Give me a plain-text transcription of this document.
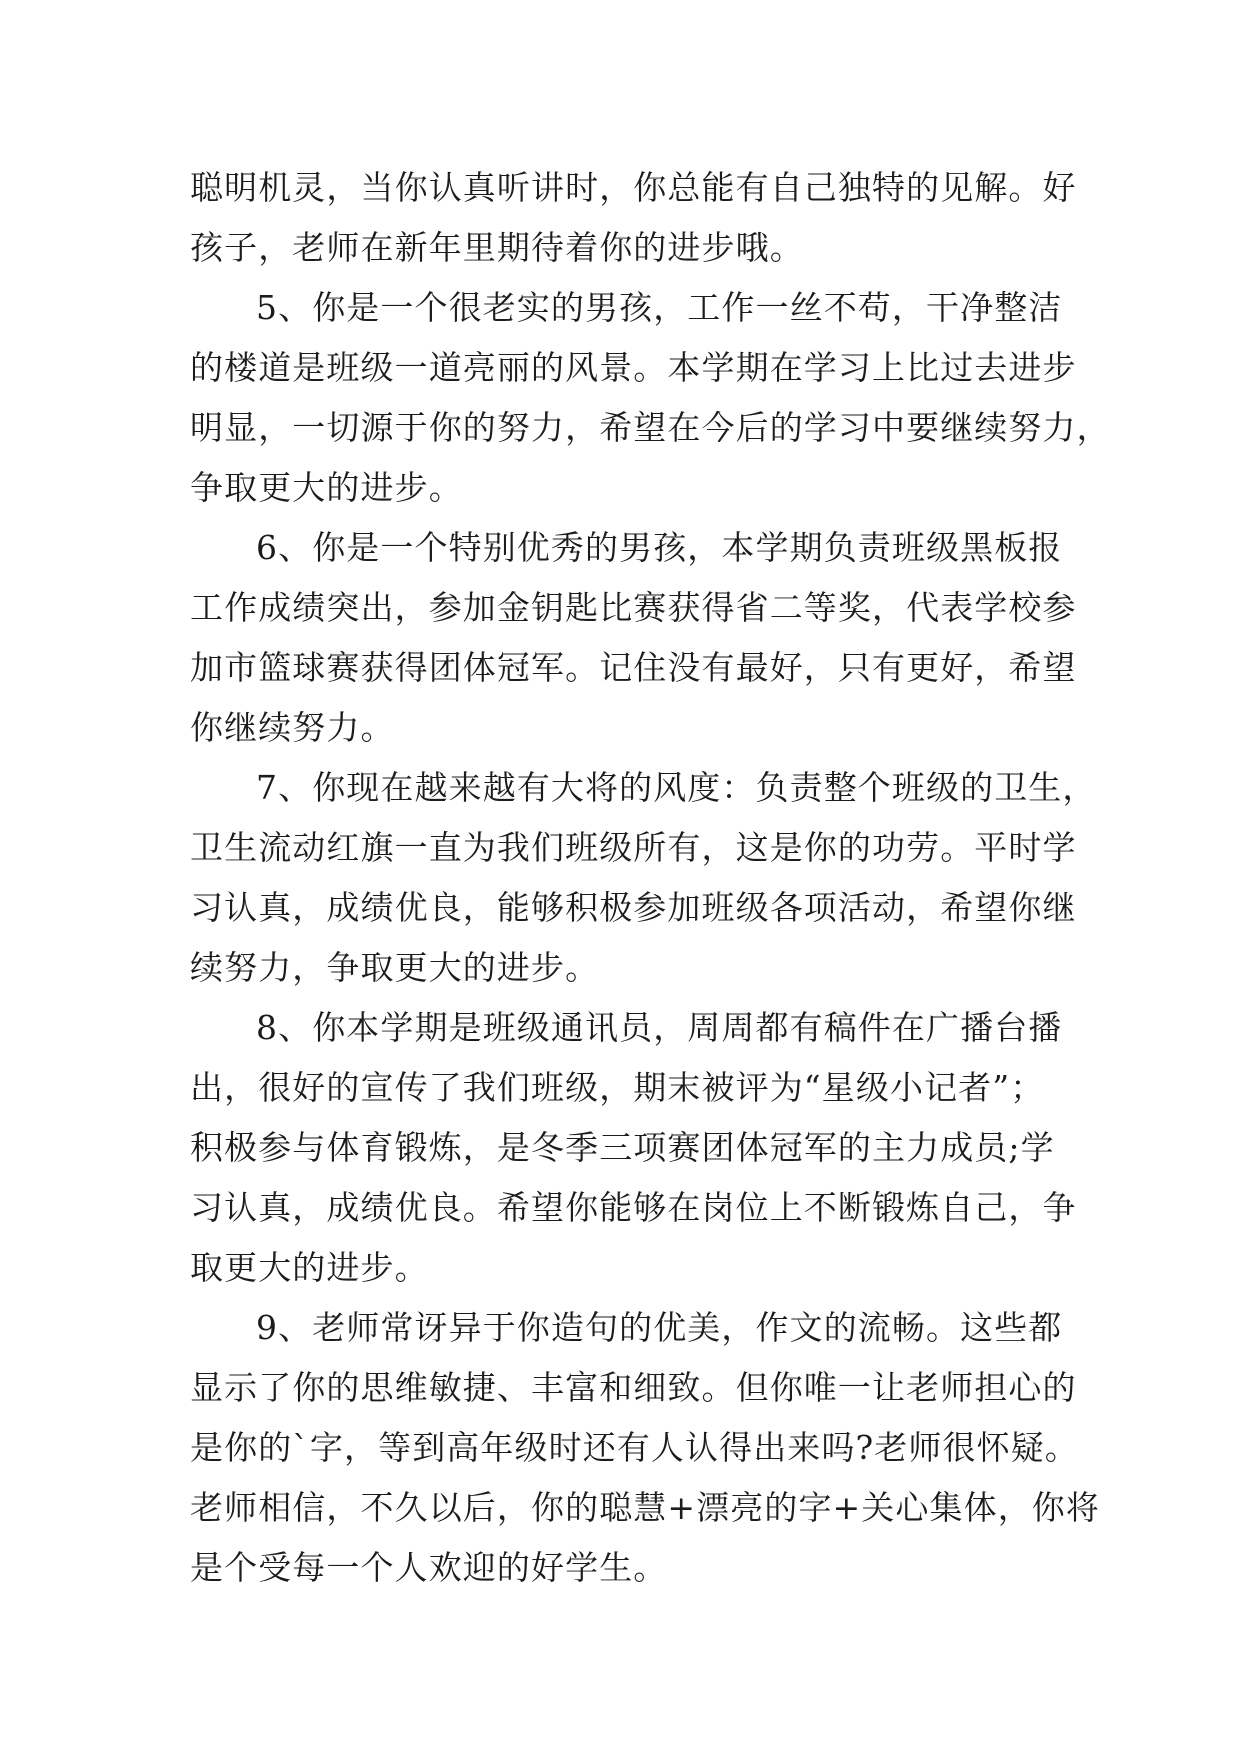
聪明机灵，当你认真听讲时，你总能有自己独特的见解。好
孩子，老师在新年里期待着你的进步哦。

5、你是一个很老实的男孩，工作一丝不苟，干净整洁
的楼道是班级一道亮丽的风景。本学期在学习上比过去进步
明显，一切源于你的努力，希望在今后的学习中要继续努力，
争取更大的进步。

6、你是一个特别优秀的男孩，本学期负责班级黑板报
工作成绩突出，参加金钥匙比赛获得省二等奖，代表学校参
加市篮球赛获得团体冠军。记住没有最好，只有更好，希望
你继续努力。

7、你现在越来越有大将的风度：负责整个班级的卫生，
卫生流动红旗一直为我们班级所有，这是你的功劳。平时学
习认真，成绩优良，能够积极参加班级各项活动，希望你继
续努力，争取更大的进步。

8、你本学期是班级通讯员，周周都有稿件在广播台播
出，很好的宣传了我们班级，期末被评为“星级小记者”；
积极参与体育锻炼，是冬季三项赛团体冠军的主力成员;学
习认真，成绩优良。希望你能够在岗位上不断锻炼自己，争
取更大的进步。

9、老师常讶异于你造句的优美，作文的流畅。这些都
显示了你的思维敏捷、丰富和细致。但你唯一让老师担心的
是你的`字，等到高年级时还有人认得出来吗?老师很怀疑。
老师相信，不久以后，你的聪慧+漂亮的字+关心集体，你将
是个受每一个人欢迎的好学生。
